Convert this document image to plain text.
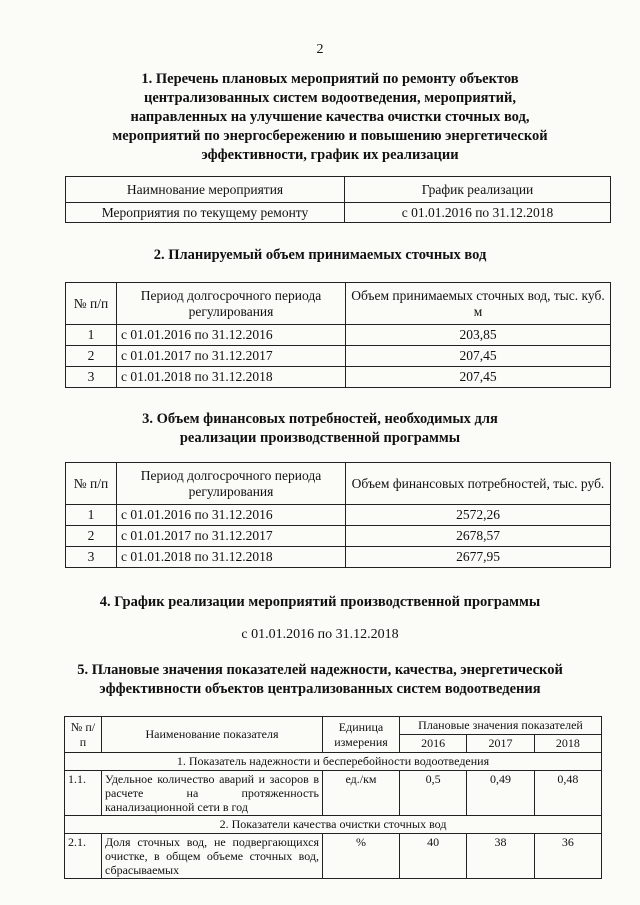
2
1. Перечень плановых мероприятий по ремонту объектов
централизованных систем водоотведения, мероприятий,
направленных на улучшение качества очистки сточных вод,
мероприятий по энергосбережению и повышению энергетической
эффективности, график их реализации
Наимнование мероприятия	График реализации
Мероприятия по текущему ремонту	с 01.01.2016 по 31.12.2018
2. Планируемый объем принимаемых сточных вод
№ п/п	Период долгосрочного периода регулирования	Объем принимаемых сточных вод, тыс. куб. м
1	с 01.01.2016 по 31.12.2016	203,85
2	с 01.01.2017 по 31.12.2017	207,45
3	с 01.01.2018 по 31.12.2018	207,45
3. Объем финансовых потребностей, необходимых для
реализации производственной программы
№ п/п	Период долгосрочного периода регулирования	Объем финансовых потребностей, тыс. руб.
1	с 01.01.2016 по 31.12.2016	2572,26
2	с 01.01.2017 по 31.12.2017	2678,57
3	с 01.01.2018 по 31.12.2018	2677,95
4. График реализации мероприятий производственной программы
с 01.01.2016 по 31.12.2018
5. Плановые значения показателей надежности, качества, энергетической
эффективности объектов централизованных систем водоотведения
№ п/п	Наименование показателя	Единица измерения	Плановые значения показателей		
			2016	2017	2018
1. Показатель надежности и бесперебойности водоотведения					
1.1.	Удельное количество аварий и засоров в расчете на протяженность канализационной сети в год	ед./км	0,5	0,49	0,48
2. Показатели качества очистки сточных вод					
2.1.	Доля сточных вод, не подвергающихся очистке, в общем объеме сточных вод, сбрасываемых	%	40	38	36
